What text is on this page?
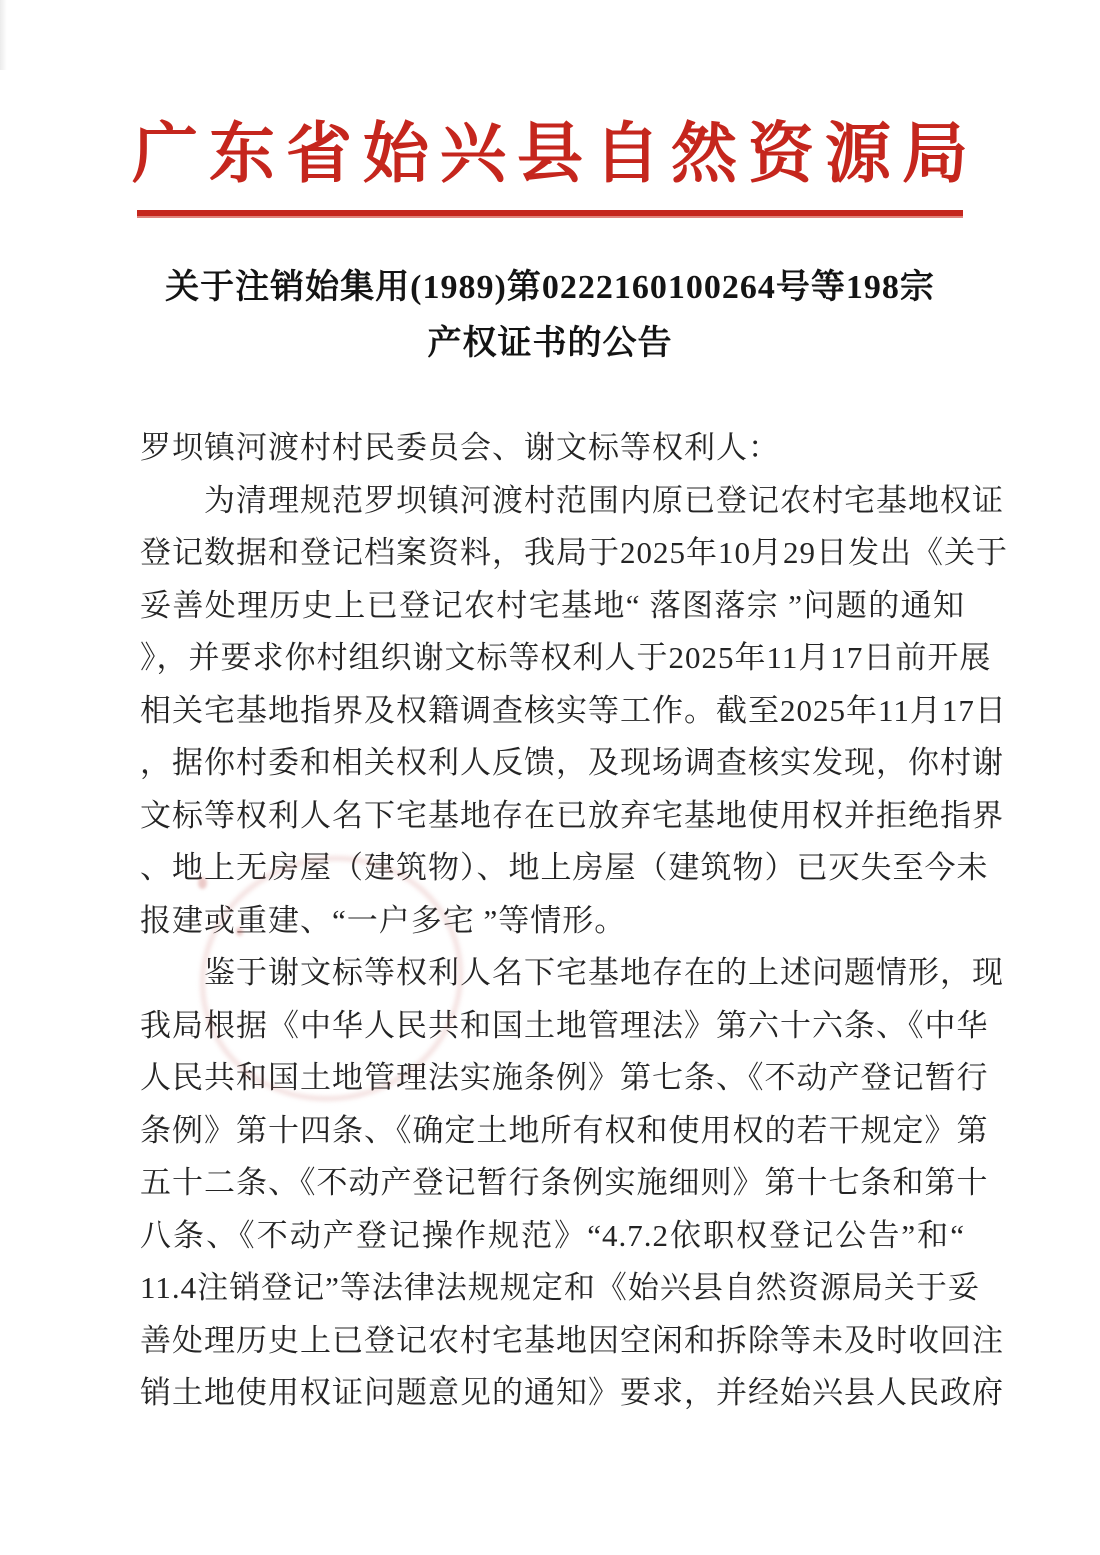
广东省始兴县自然资源局
关于注销始集用(1989)第0222160100264号等198宗
产权证书的公告
罗坝镇河渡村村民委员会、谢文标等权利人：
　　为清理规范罗坝镇河渡村范围内原已登记农村宅基地权证
登记数据和登记档案资料，我局于2025年10月29日发出《关于
妥善处理历史上已登记农村宅基地“ 落图落宗 ”问题的通知
》，并要求你村组织谢文标等权利人于2025年11月17日前开展
相关宅基地指界及权籍调查核实等工作。截至2025年11月17日
，据你村委和相关权利人反馈，及现场调查核实发现，你村谢
文标等权利人名下宅基地存在已放弃宅基地使用权并拒绝指界
、地上无房屋（建筑物）、地上房屋（建筑物）已灭失至今未
报建或重建、“一户多宅 ”等情形。
　　鉴于谢文标等权利人名下宅基地存在的上述问题情形，现
我局根据《中华人民共和国土地管理法》第六十六条、《中华
人民共和国土地管理法实施条例》第七条、《不动产登记暂行
条例》第十四条、《确定土地所有权和使用权的若干规定》第
五十二条、《不动产登记暂行条例实施细则》第十七条和第十
八条、《不动产登记操作规范》“4.7.2依职权登记公告”和“
11.4注销登记”等法律法规规定和《始兴县自然资源局关于妥
善处理历史上已登记农村宅基地因空闲和拆除等未及时收回注
销土地使用权证问题意见的通知》要求，并经始兴县人民政府
